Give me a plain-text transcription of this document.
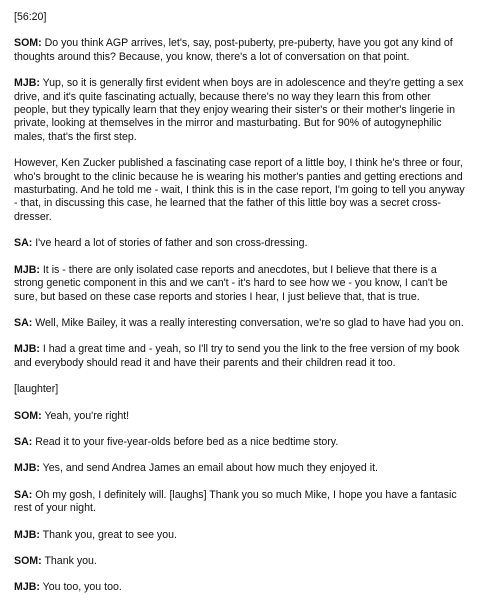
[56:20]

SOM: Do you think AGP arrives, let's, say, post-puberty, pre-puberty, have you got any kind of thoughts around this? Because, you know, there's a lot of conversation on that point.

MJB: Yup, so it is generally first evident when boys are in adolescence and they're getting a sex drive, and it's quite fascinating actually, because there's no way they learn this from other people, but they typically learn that they enjoy wearing their sister's or their mother's lingerie in private, looking at themselves in the mirror and masturbating. But for 90% of autogynephilic males, that's the first step.

However, Ken Zucker published a fascinating case report of a little boy, I think he's three or four, who's brought to the clinic because he is wearing his mother's panties and getting erections and masturbating. And he told me - wait, I think this is in the case report, I'm going to tell you anyway - that, in discussing this case, he learned that the father of this little boy was a secret cross-dresser.

SA: I've heard a lot of stories of father and son cross-dressing.

MJB: It is - there are only isolated case reports and anecdotes, but I believe that there is a strong genetic component in this and we can't - it's hard to see how we - you know, I can't be sure, but based on these case reports and stories I hear, I just believe that, that is true.

SA: Well, Mike Bailey, it was a really interesting conversation, we're so glad to have had you on.

MJB: I had a great time and - yeah, so I'll try to send you the link to the free version of my book and everybody should read it and have their parents and their children read it too.

[laughter]

SOM: Yeah, you're right!

SA: Read it to your five-year-olds before bed as a nice bedtime story.

MJB: Yes, and send Andrea James an email about how much they enjoyed it.

SA: Oh my gosh, I definitely will. [laughs] Thank you so much Mike, I hope you have a fantasic rest of your night.

MJB: Thank you, great to see you.

SOM: Thank you.

MJB: You too, you too.
